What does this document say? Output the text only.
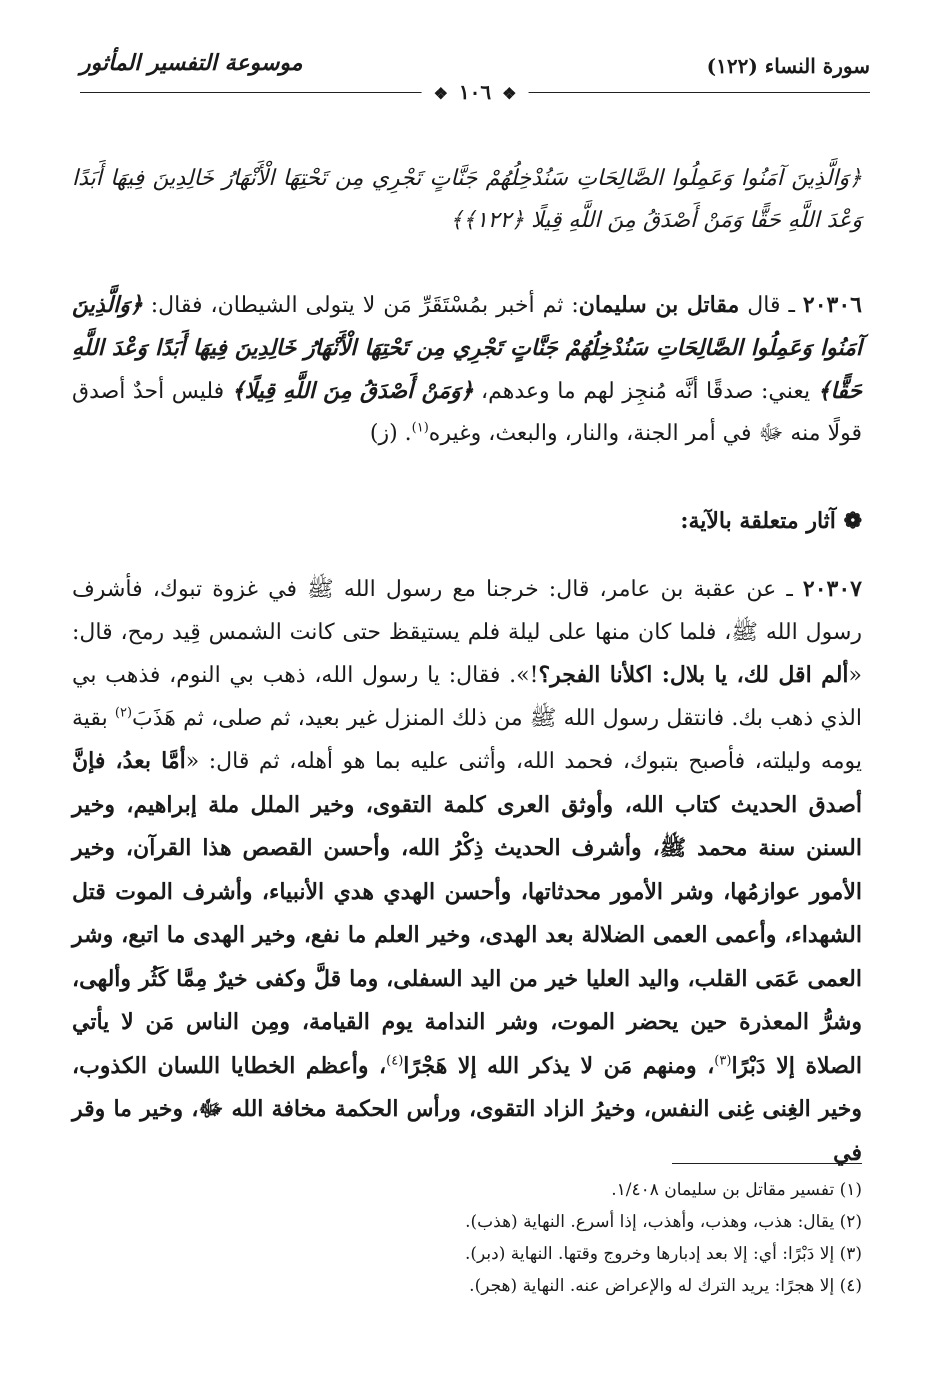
سورة النساء (١٢٢)
موسوعة التفسير المأثور
❖ ١٠٦ ❖
﴿وَالَّذِينَ آمَنُوا وَعَمِلُوا الصَّالِحَاتِ سَنُدْخِلُهُمْ جَنَّاتٍ تَجْرِي مِن تَحْتِهَا الْأَنْهَارُ خَالِدِينَ فِيهَا أَبَدًا وَعْدَ اللَّهِ حَقًّا وَمَنْ أَصْدَقُ مِنَ اللَّهِ قِيلًا ﴿١٢٢﴾﴾
٢٠٣٠٦ ـ قال مقاتل بن سليمان: ثم أخبر بمُسْتَقَرِّ مَن لا يتولى الشيطان، فقال: ﴿وَالَّذِينَ آمَنُوا وَعَمِلُوا الصَّالِحَاتِ سَنُدْخِلُهُمْ جَنَّاتٍ تَجْرِي مِن تَحْتِهَا الْأَنْهَارُ خَالِدِينَ فِيهَا أَبَدًا وَعْدَ اللَّهِ حَقًّا﴾ يعني: صدقًا أنَّه مُنجِز لهم ما وعدهم، ﴿وَمَنْ أَصْدَقُ مِنَ اللَّهِ قِيلًا﴾ فليس أحدٌ أصدق قولًا منه ﷻ في أمر الجنة، والنار، والبعث، وغيره$^{(١)}$. (ز)
❁ آثار متعلقة بالآية:
٢٠٣٠٧ ـ عن عقبة بن عامر، قال: خرجنا مع رسول الله ﷺ في غزوة تبوك، فأشرف رسول الله ﷺ، فلما كان منها على ليلة فلم يستيقظ حتى كانت الشمس قِيد رمح، قال: «ألم اقل لك، يا بلال: اكلأنا الفجر؟!». فقال: يا رسول الله، ذهب بي النوم، فذهب بي الذي ذهب بك. فانتقل رسول الله ﷺ من ذلك المنزل غير بعيد، ثم صلى، ثم هَذَبَ$^{(٢)}$ بقية يومه وليلته، فأصبح بتبوك، فحمد الله، وأثنى عليه بما هو أهله، ثم قال: «أمَّا بعدُ، فإنَّ أصدق الحديث كتاب الله، وأوثق العرى كلمة التقوى، وخير الملل ملة إبراهيم، وخير السنن سنة محمد ﷺ، وأشرف الحديث ذِكْرُ الله، وأحسن القصص هذا القرآن، وخير الأمور عوازمُها، وشر الأمور محدثاتها، وأحسن الهدي هدي الأنبياء، وأشرف الموت قتل الشهداء، وأعمى العمى الضلالة بعد الهدى، وخير العلم ما نفع، وخير الهدى ما اتبع، وشر العمى عَمَى القلب، واليد العليا خير من اليد السفلى، وما قلَّ وكفى خيرٌ مِمَّا كَثُر وألهى، وشرُّ المعذرة حين يحضر الموت، وشر الندامة يوم القيامة، ومِن الناس مَن لا يأتي الصلاة إلا دَبْرًا$^{(٣)}$، ومنهم مَن لا يذكر الله إلا هَجْرًا$^{(٤)}$، وأعظم الخطايا اللسان الكذوب، وخير الغِنى غِنى النفس، وخيرُ الزاد التقوى، ورأس الحكمة مخافة الله ﷻ، وخير ما وقر في
(١) تفسير مقاتل بن سليمان ١/٤٠٨.
(٢) يقال: هذب، وهذب، وأهذب، إذا أسرع. النهاية (هذب).
(٣) إلا دَبْرًا: أي: إلا بعد إدبارها وخروج وقتها. النهاية (دبر).
(٤) إلا هجرًا: يريد الترك له والإعراض عنه. النهاية (هجر).
